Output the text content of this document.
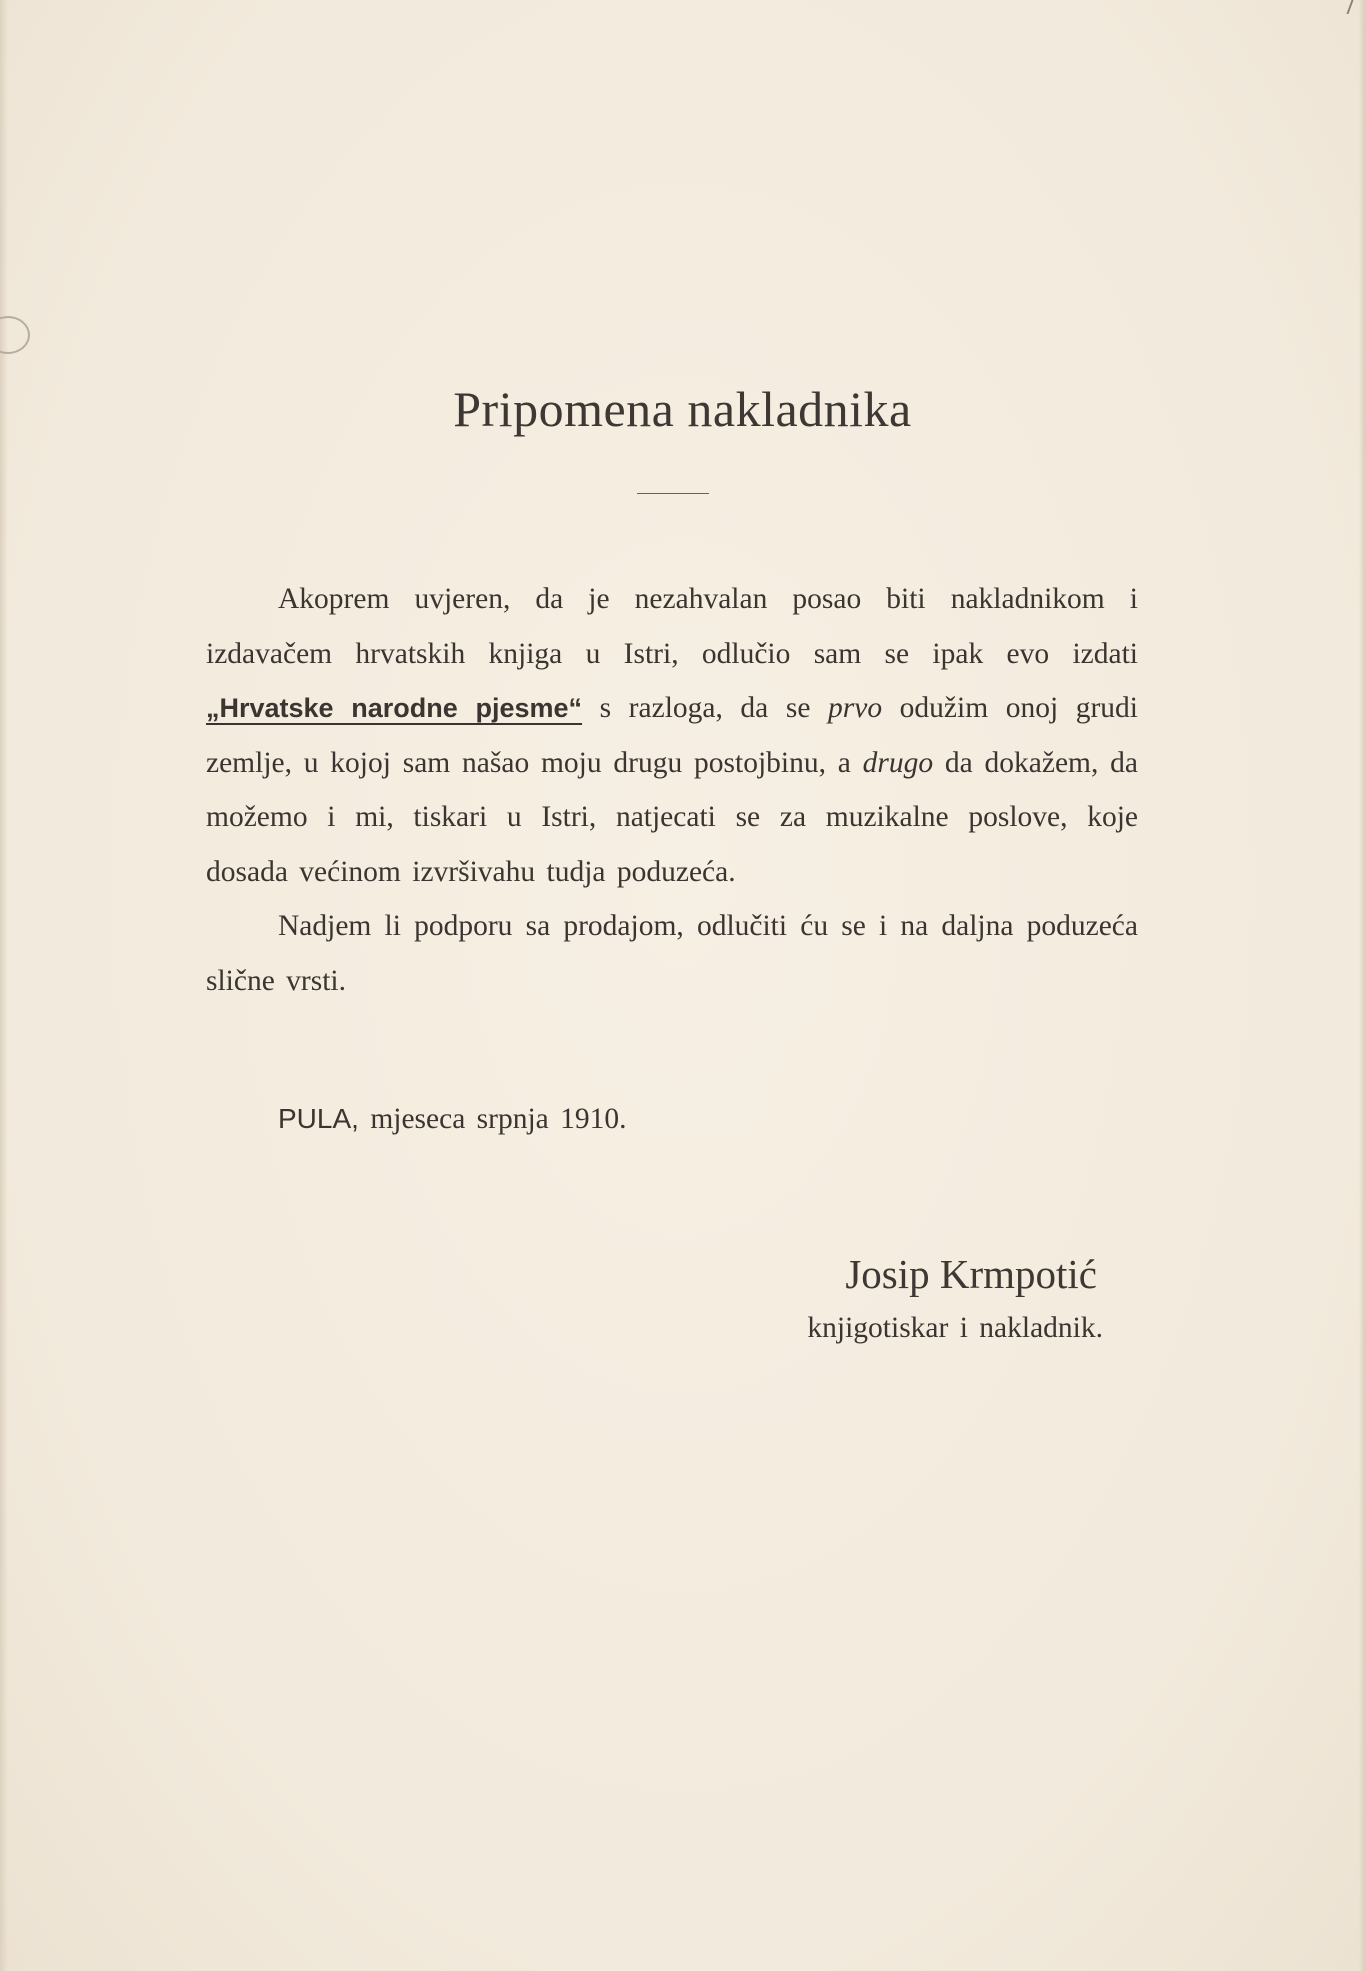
Pripomena nakladnika

Akoprem uvjeren, da je nezahvalan posao biti nakladnikom i izdavačem hrvatskih knjiga u Istri, odlučio sam se ipak evo izdati „Hrvatske narodne pjesme“ s razloga, da se prvo odužim onoj grudi zemlje, u kojoj sam našao moju drugu postojbinu, a drugo da dokažem, da možemo i mi, tiskari u Istri, natjecati se za muzikalne poslove, koje dosada većinom izvršivahu tudja poduzeća.

Nadjem li podporu sa prodajom, odlučiti ću se i na daljna poduzeća slične vrsti.

PULA, mjeseca srpnja 1910.
Josip Krmpotić
knjigotiskar i nakladnik.
